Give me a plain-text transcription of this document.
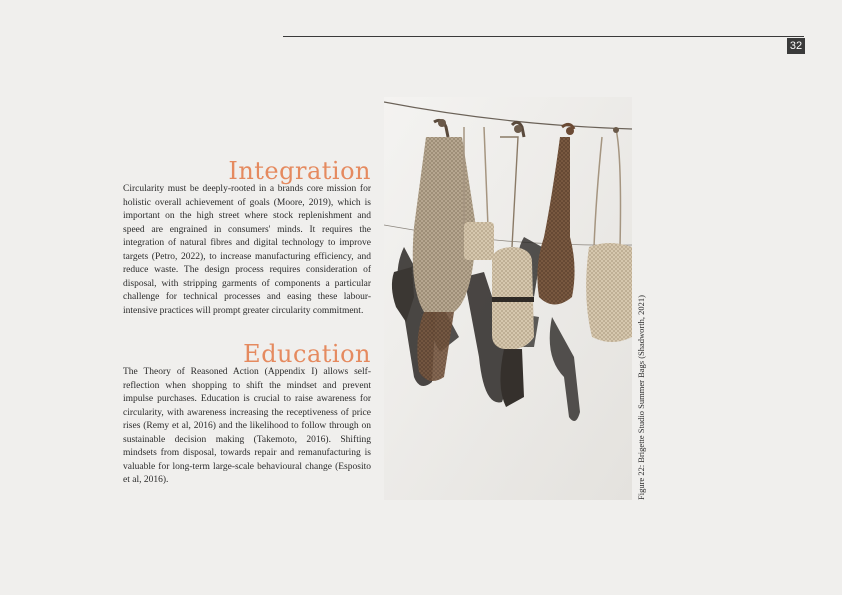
32
Integration

Circularity must be deeply-rooted in a brands core mission for holistic overall achievement of goals (Moore, 2019), which is important on the high street where stock replenishment and speed are engrained in consumers' minds. It requires the integration of natural fibres and digital technology to improve targets (Petro, 2022), to increase manufacturing efficiency, and reduce waste. The design process requires consideration of disposal, with stripping garments of components a particular challenge for technical processes and easing these labour-intensive practices will prompt greater circularity commitment.

Education

The Theory of Reasoned Action (Appendix I) allows self-reflection when shopping to shift the mindset and prevent impulse purchases. Education is crucial to raise awareness for circularity, with awareness increasing the receptiveness of price rises (Remy et al, 2016) and the likelihood to follow through on sustainable decision making (Takemoto, 2016). Shifting mindsets from disposal, towards repair and remanufacturing is valuable for long-term large-scale behavioural change (Esposito et al, 2016).	Figure 22: Brigette Studio Summer Bags (Shadworth, 2021)
